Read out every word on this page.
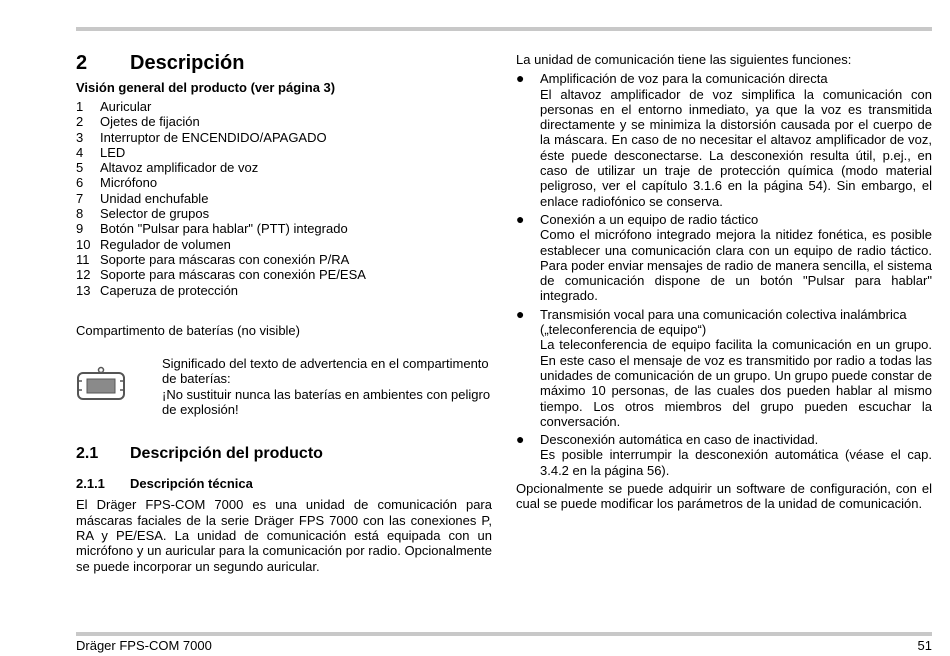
2 Descripción
Visión general del producto (ver página 3)
1	Auricular
2	Ojetes de fijación
3	Interruptor de ENCENDIDO/APAGADO
4	LED
5	Altavoz amplificador de voz
6	Micrófono
7	Unidad enchufable
8	Selector de grupos
9	Botón "Pulsar para hablar" (PTT) integrado
10 Regulador de volumen
11 Soporte para máscaras con conexión P/RA
12 Soporte para máscaras con conexión PE/ESA
13 Caperuza de protección

Compartimento de baterías (no visible)

Significado del texto de advertencia en el compartimento de baterías:
¡No sustituir nunca las baterías en ambientes con peligro de explosión!
2.1 Descripción del producto
2.1.1 Descripción técnica

El Dräger FPS-COM 7000 es una unidad de comunicación para máscaras faciales de la serie Dräger FPS 7000 con las conexiones P, RA y PE/ESA. La unidad de comunicación está equipada con un micrófono y un auricular para la comunicación por radio. Opcionalmente se puede incorporar un segundo auricular.

La unidad de comunicación tiene las siguientes funciones:

●	Amplificación de voz para la comunicación directa
El altavoz amplificador de voz simplifica la comunicación con personas en el entorno inmediato, ya que la voz es transmitida directamente y se minimiza la distorsión causada por el cuerpo de la máscara. En caso de no necesitar el altavoz amplificador de voz, éste puede desconectarse. La desconexión resulta útil, p.ej., en caso de utilizar un traje de protección química (modo material peligroso, ver el capítulo 3.1.6 en la página 54). Sin embargo, el enlace radiofónico se conserva.
●	Conexión a un equipo de radio táctico
Como el micrófono integrado mejora la nitidez fonética, es posible establecer una comunicación clara con un equipo de radio táctico. Para poder enviar mensajes de radio de manera sencilla, el sistema de comunicación dispone de un botón "Pulsar para hablar" integrado.
●	Transmisión vocal para una comunicación colectiva inalámbrica („teleconferencia de equipo“)
La teleconferencia de equipo facilita la comunicación en un grupo. En este caso el mensaje de voz es transmitido por radio a todas las unidades de comunicación de un grupo. Un grupo puede constar de máximo 10 personas, de las cuales dos pueden hablar al mismo tiempo. Los otros miembros del grupo pueden escuchar la conversación.
●	Desconexión automática en caso de inactividad.
Es posible interrumpir la desconexión automática (véase el cap. 3.4.2 en la página 56).

Opcionalmente se puede adquirir un software de configuración, con el cual se puede modificar los parámetros de la unidad de comunicación.

Dräger FPS-COM 7000	51
